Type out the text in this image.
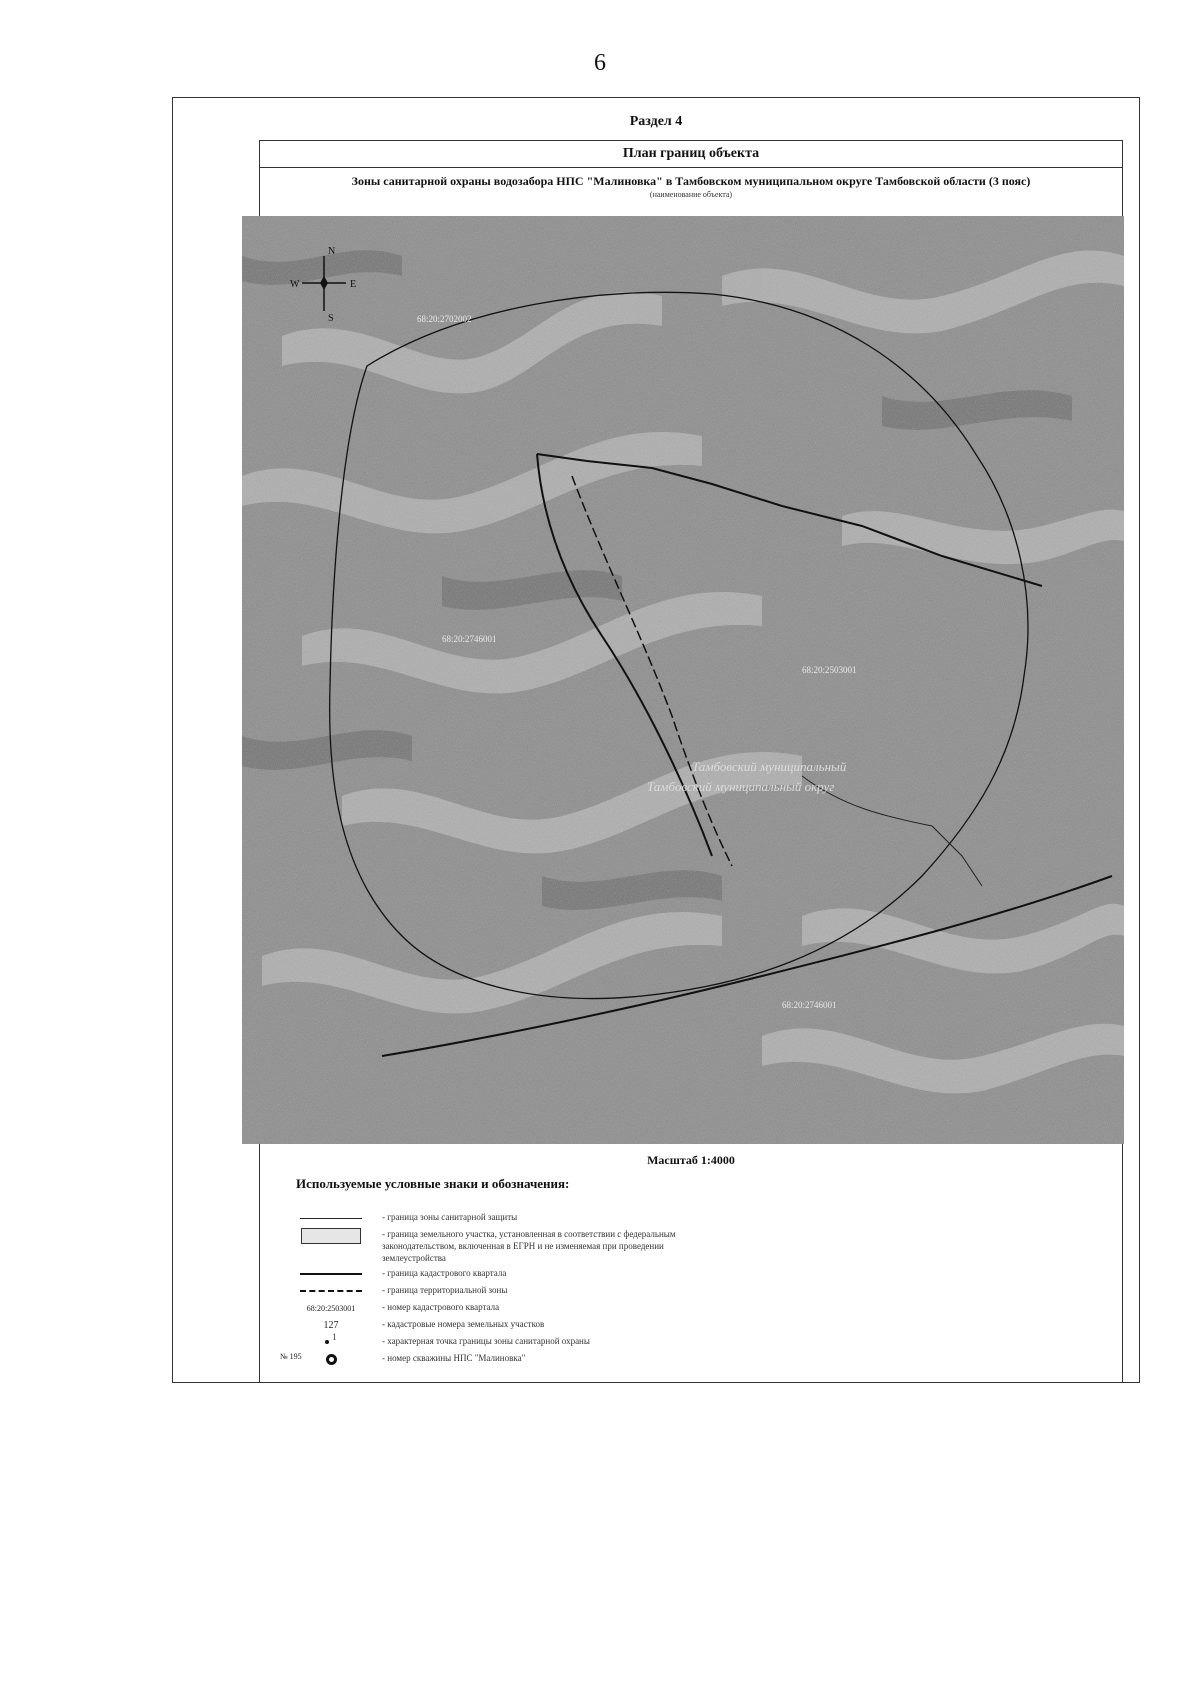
6
Раздел 4
План границ объекта
Зоны санитарной охраны водозабора НПС "Малиновка" в Тамбовском муниципальном округе Тамбовской области (3 пояс)
(наименование объекта)
N
S
W	E
68:20:2702002
68:20:2746001
68:20:2503001
68:20:2746001
Тамбовский муниципальный
Тамбовский муниципальный округ
Масштаб 1:4000
Используемые условные знаки и обозначения:
- граница зоны санитарной защиты
- граница земельного участка, установленная в соответствии с федеральным законодательством, включенная в ЕГРН и не изменяемая при проведении землеустройства
- граница кадастрового квартала
- граница территориальной зоны
68:20:2503001	- номер кадастрового квартала
127	- кадастровые номера земельных участков
1	- характерная точка границы зоны санитарной охраны
№ 195	- номер скважины НПС "Малиновка"
